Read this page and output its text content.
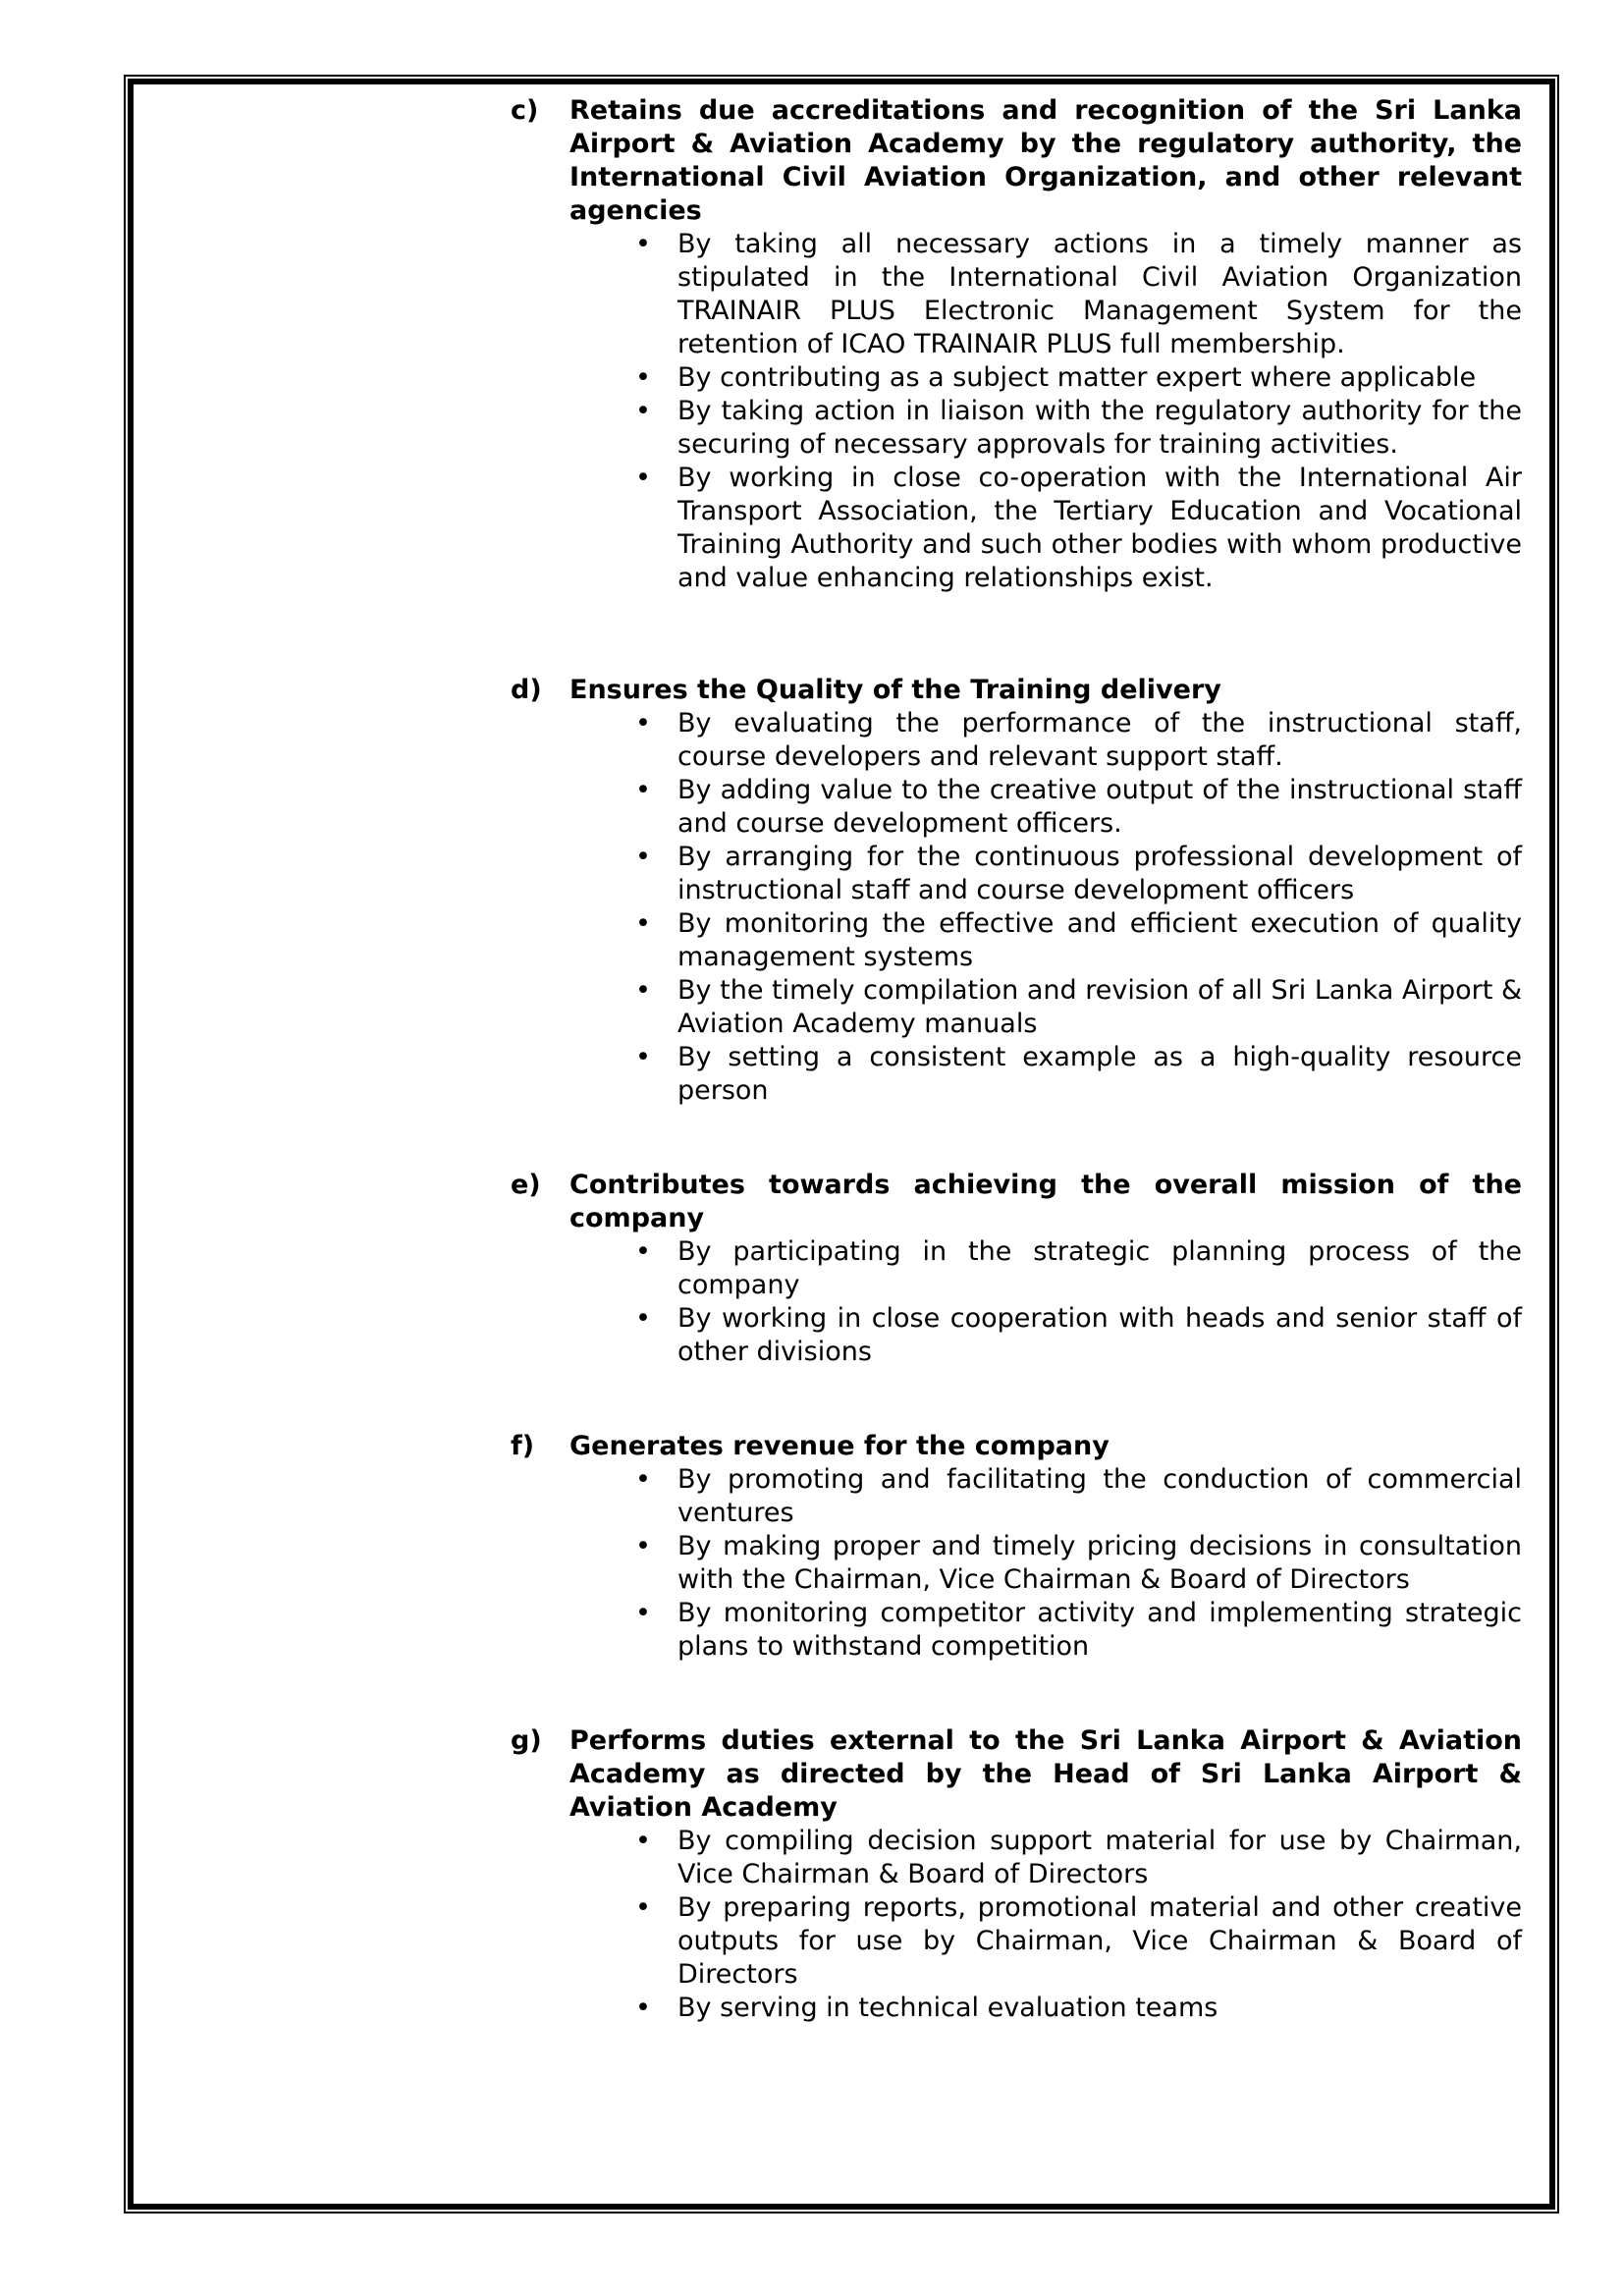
c)	Retains due accreditations and recognition of the Sri Lanka Airport & Aviation Academy by the regulatory authority, the International Civil Aviation Organization, and other relevant agencies
•	By taking all necessary actions in a timely manner as stipulated in the International Civil Aviation Organization TRAINAIR PLUS Electronic Management System for the retention of ICAO TRAINAIR PLUS full membership.
•	By contributing as a subject matter expert where applicable
•	By taking action in liaison with the regulatory authority for the securing of necessary approvals for training activities.
•	By working in close co-operation with the International Air Transport Association, the Tertiary Education and Vocational Training Authority and such other bodies with whom productive and value enhancing relationships exist.
d)	Ensures the Quality of the Training delivery
•	By evaluating the performance of the instructional staff, course developers and relevant support staff.
•	By adding value to the creative output of the instructional staff and course development officers.
•	By arranging for the continuous professional development of instructional staff and course development officers
•	By monitoring the effective and efficient execution of quality management systems
•	By the timely compilation and revision of all Sri Lanka Airport & Aviation Academy manuals
•	By setting a consistent example as a high-quality resource person
e)	Contributes towards achieving the overall mission of the company
•	By participating in the strategic planning process of the company
•	By working in close cooperation with heads and senior staff of other divisions
f)	Generates revenue for the company
•	By promoting and facilitating the conduction of commercial ventures
•	By making proper and timely pricing decisions in consultation with the Chairman, Vice Chairman & Board of Directors
•	By monitoring competitor activity and implementing strategic plans to withstand competition
g)	Performs duties external to the Sri Lanka Airport & Aviation Academy as directed by the Head of Sri Lanka Airport & Aviation Academy
•	By compiling decision support material for use by Chairman, Vice Chairman & Board of Directors
•	By preparing reports, promotional material and other creative outputs for use by Chairman, Vice Chairman & Board of Directors
•	By serving in technical evaluation teams
